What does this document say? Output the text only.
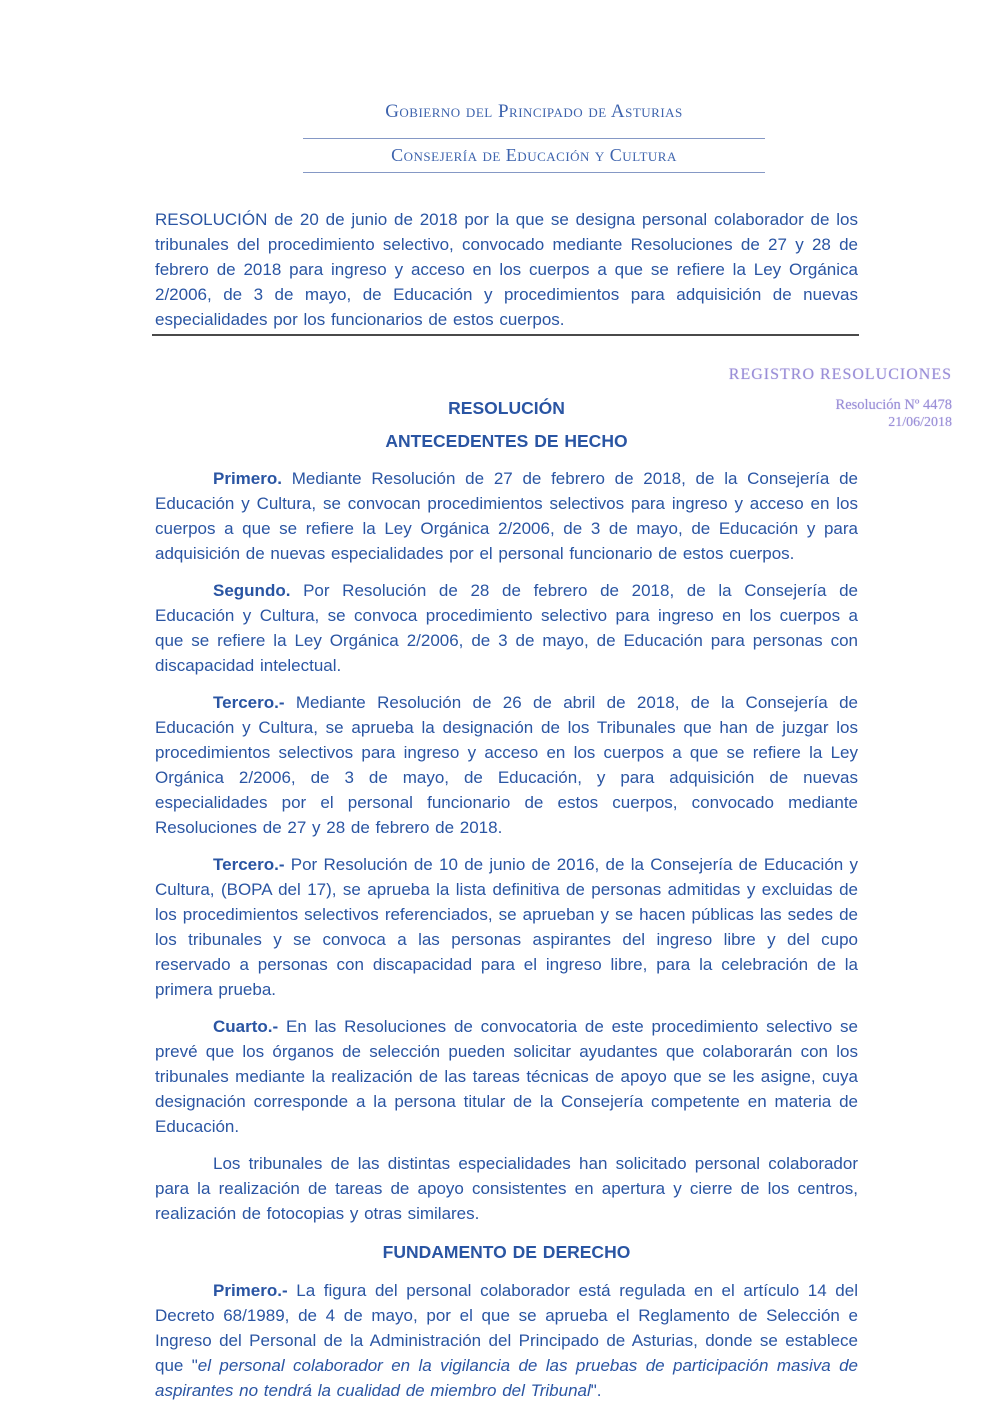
Gobierno del Principado de Asturias
Consejería de Educación y Cultura
RESOLUCIÓN de 20 de junio de 2018 por la que se designa personal colaborador de los tribunales del procedimiento selectivo, convocado mediante Resoluciones de 27 y 28 de febrero de 2018 para ingreso y acceso en los cuerpos a que se refiere la Ley Orgánica 2/2006, de 3 de mayo, de Educación y procedimientos para adquisición de nuevas especialidades por los funcionarios de estos cuerpos.
REGISTRO RESOLUCIONES
Resolución Nº 4478
21/06/2018
RESOLUCIÓN
ANTECEDENTES DE HECHO

Primero. Mediante Resolución de 27 de febrero de 2018, de la Consejería de Educación y Cultura, se convocan procedimientos selectivos para ingreso y acceso en los cuerpos a que se refiere la Ley Orgánica 2/2006, de 3 de mayo, de Educación y para adquisición de nuevas especialidades por el personal funcionario de estos cuerpos.

Segundo. Por Resolución de 28 de febrero de 2018, de la Consejería de Educación y Cultura, se convoca procedimiento selectivo para ingreso en los cuerpos a que se refiere la Ley Orgánica 2/2006, de 3 de mayo, de Educación para personas con discapacidad intelectual.

Tercero.- Mediante Resolución de 26 de abril de 2018, de la Consejería de Educación y Cultura, se aprueba la designación de los Tribunales que han de juzgar los procedimientos selectivos para ingreso y acceso en los cuerpos a que se refiere la Ley Orgánica 2/2006, de 3 de mayo, de Educación, y para adquisición de nuevas especialidades por el personal funcionario de estos cuerpos, convocado mediante Resoluciones de 27 y 28 de febrero de 2018.

Tercero.- Por Resolución de 10 de junio de 2016, de la Consejería de Educación y Cultura, (BOPA del 17), se aprueba la lista definitiva de personas admitidas y excluidas de los procedimientos selectivos referenciados, se aprueban y se hacen públicas las sedes de los tribunales y se convoca a las personas aspirantes del ingreso libre y del cupo reservado a personas con discapacidad para el ingreso libre, para la celebración de la primera prueba.

Cuarto.- En las Resoluciones de convocatoria de este procedimiento selectivo se prevé que los órganos de selección pueden solicitar ayudantes que colaborarán con los tribunales mediante la realización de las tareas técnicas de apoyo que se les asigne, cuya designación corresponde a la persona titular de la Consejería competente en materia de Educación.

Los tribunales de las distintas especialidades han solicitado personal colaborador para la realización de tareas de apoyo consistentes en apertura y cierre de los centros, realización de fotocopias y otras similares.

FUNDAMENTO DE DERECHO

Primero.- La figura del personal colaborador está regulada en el artículo 14 del Decreto 68/1989, de 4 de mayo, por el que se aprueba el Reglamento de Selección e Ingreso del Personal de la Administración del Principado de Asturias, donde se establece que "el personal colaborador en la vigilancia de las pruebas de participación masiva de aspirantes no tendrá la cualidad de miembro del Tribunal".
